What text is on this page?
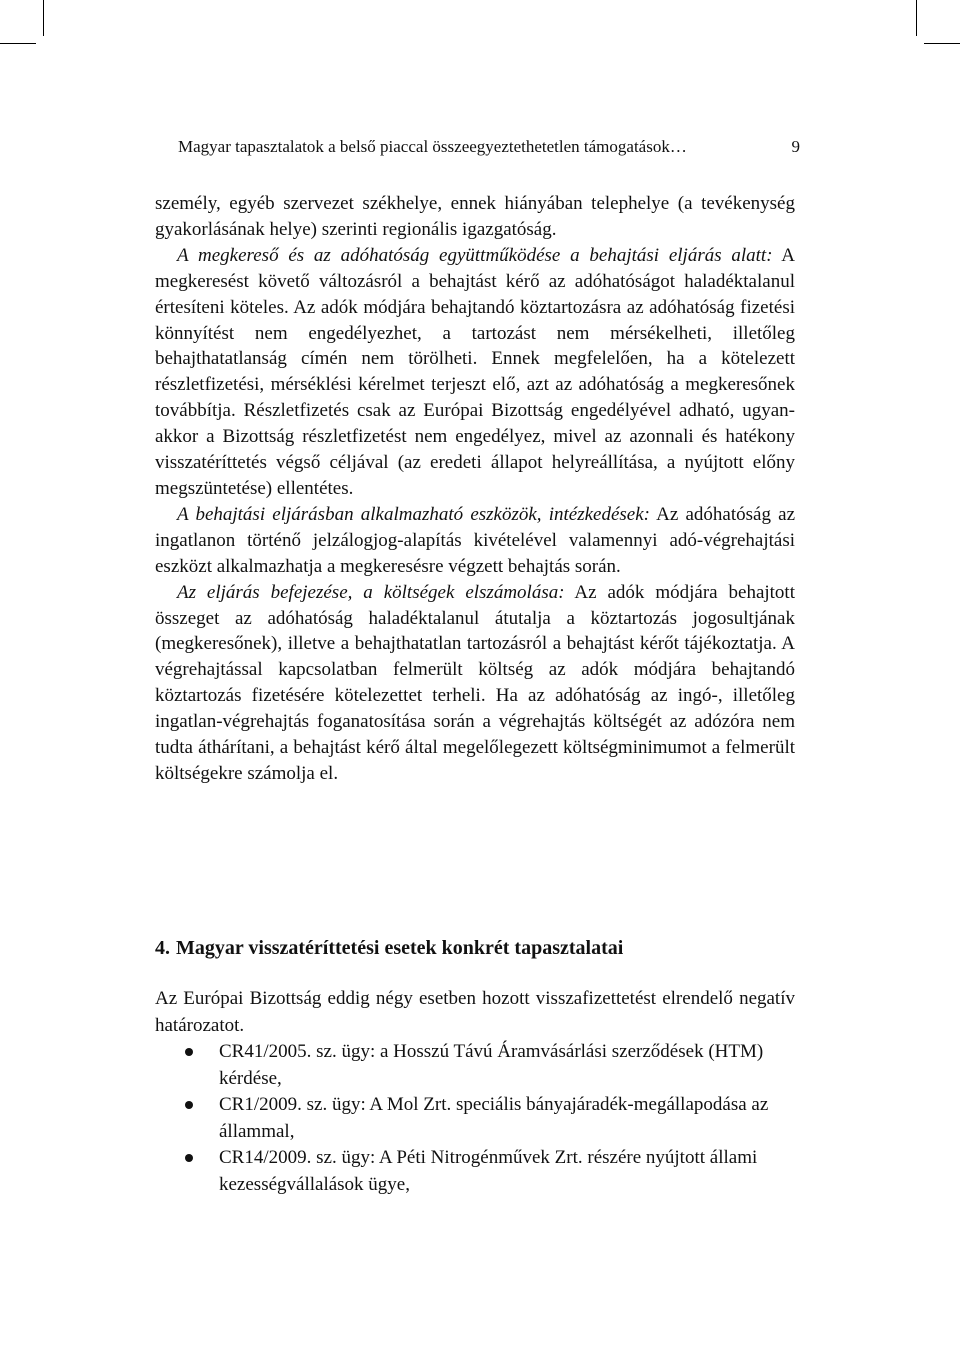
Magyar tapasztalatok a belső piaccal összeegyeztethetetlen támogatások…	9

személy, egyéb szervezet székhelye, ennek hiányában telephelye (a tevékenység gyakorlásának helye) szerinti regionális igazgatóság.

A megkereső és az adóhatóság együttműködése a behajtási eljárás alatt: A megkeresést követő változásról a behajtást kérő az adóhatóságot haladéktalanul értesíteni köteles. Az adók módjára behajtandó köztartozásra az adóhatóság fizetési könnyítést nem engedélyezhet, a tartozást nem mérsékelheti, illetőleg behajthatatlanság címén nem törölheti. Ennek megfelelően, ha a kötelezett részletfizetési, mérséklési kérelmet terjeszt elő, azt az adóhatóság a megkeresőnek továbbítja. Részletfizetés csak az Európai Bizottság engedélyével adható, ugyanakkor a Bizottság részletfizetést nem engedélyez, mivel az azonnali és hatékony visszatéríttetés végső céljával (az eredeti állapot helyreállítása, a nyújtott előny megszüntetése) ellentétes.

A behajtási eljárásban alkalmazható eszközök, intézkedések: Az adóhatóság az ingatlanon történő jelzálogjog-alapítás kivételével valamennyi adó-végrehajtási eszközt alkalmazhatja a megkeresésre végzett behajtás során.

Az eljárás befejezése, a költségek elszámolása: Az adók módjára behajtott összeget az adóhatóság haladéktalanul átutalja a köztartozás jogosultjának (megkeresőnek), illetve a behajthatatlan tartozásról a behajtást kérőt tájékoztatja. A végrehajtással kapcsolatban felmerült költség az adók módjára behajtandó köztartozás fizetésére kötelezettet terheli. Ha az adóhatóság az ingó-, illetőleg ingatlan-végrehajtás foganatosítása során a végrehajtás költségét az adózóra nem tudta áthárítani, a behajtást kérő által megelőlegezett költségminimumot a felmerült költségekre számolja el.

4. Magyar visszatéríttetési esetek konkrét tapasztalatai

Az Európai Bizottság eddig négy esetben hozott visszafizettetést elrendelő negatív határozatot.

CR41/2005. sz. ügy: a Hosszú Távú Áramvásárlási szerződések (HTM) kérdése,
CR1/2009. sz. ügy: A Mol Zrt. speciális bányajáradék-megállapodása az állammal,
CR14/2009. sz. ügy: A Péti Nitrogénművek Zrt. részére nyújtott állami kezességvállalások ügye,
